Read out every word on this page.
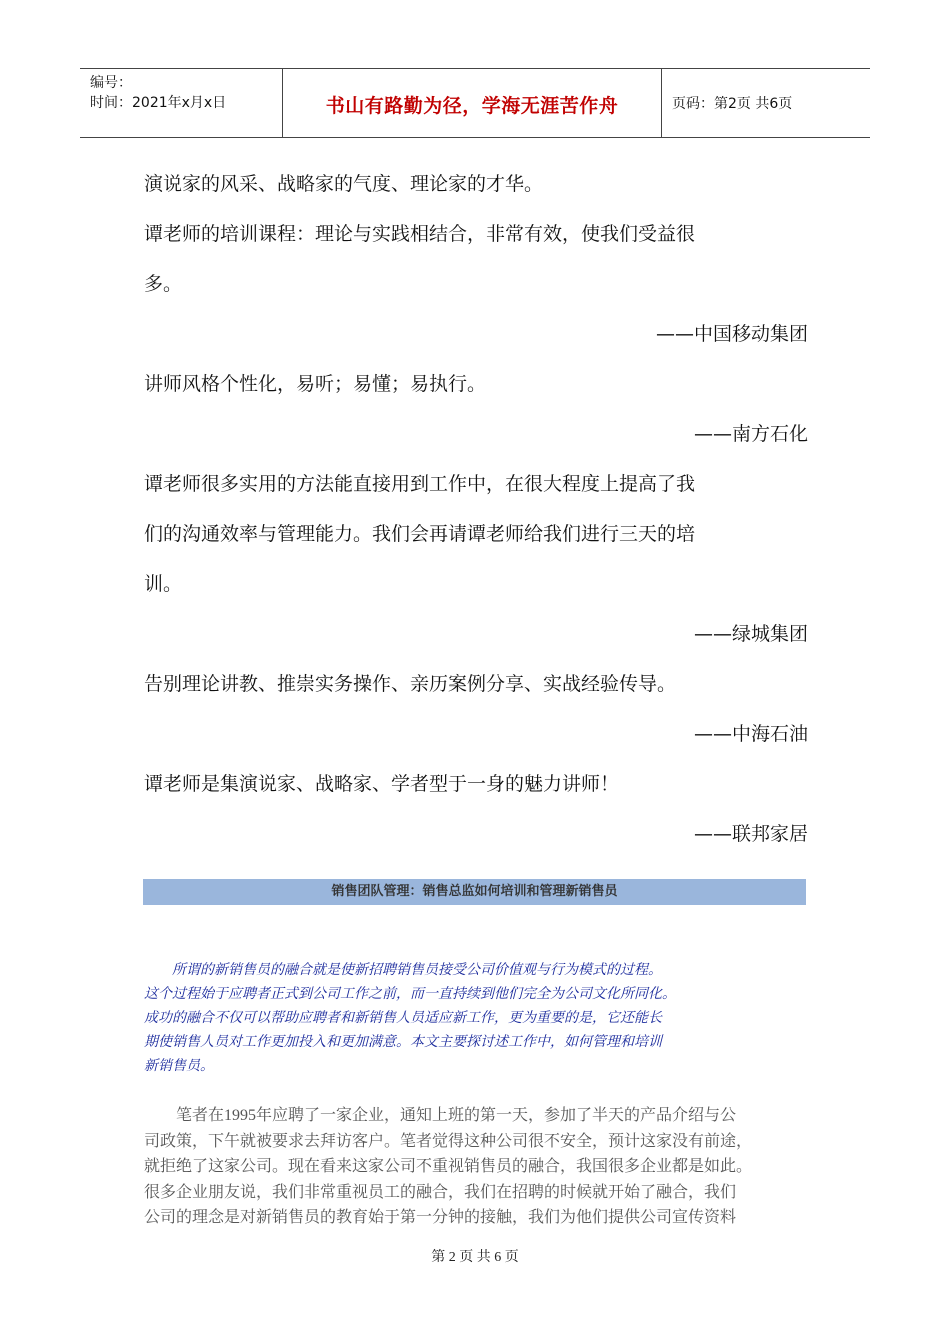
编号：
时间：2021年x月x日	书山有路勤为径，学海无涯苦作舟	页码：第2页 共6页
演说家的风采、战略家的气度、理论家的才华。
谭老师的培训课程：理论与实践相结合，非常有效，使我们受益很
多。
——中国移动集团
讲师风格个性化，易听；易懂；易执行。
——南方石化
谭老师很多实用的方法能直接用到工作中，在很大程度上提高了我
们的沟通效率与管理能力。我们会再请谭老师给我们进行三天的培
训。
——绿城集团
告别理论讲教、推崇实务操作、亲历案例分享、实战经验传导。
——中海石油
谭老师是集演说家、战略家、学者型于一身的魅力讲师！
——联邦家居
销售团队管理：销售总监如何培训和管理新销售员
　　所谓的新销售员的融合就是使新招聘销售员接受公司价值观与行为模式的过程。
这个过程始于应聘者正式到公司工作之前，而一直持续到他们完全为公司文化所同化。
成功的融合不仅可以帮助应聘者和新销售人员适应新工作，更为重要的是，它还能长
期使销售人员对工作更加投入和更加满意。本文主要探讨述工作中，如何管理和培训
新销售员。
　　笔者在1995年应聘了一家企业，通知上班的第一天，参加了半天的产品介绍与公
司政策，下午就被要求去拜访客户。笔者觉得这种公司很不安全，预计这家没有前途，
就拒绝了这家公司。现在看来这家公司不重视销售员的融合，我国很多企业都是如此。
很多企业朋友说，我们非常重视员工的融合，我们在招聘的时候就开始了融合，我们
公司的理念是对新销售员的教育始于第一分钟的接触，我们为他们提供公司宣传资料
第 2 页 共 6 页
